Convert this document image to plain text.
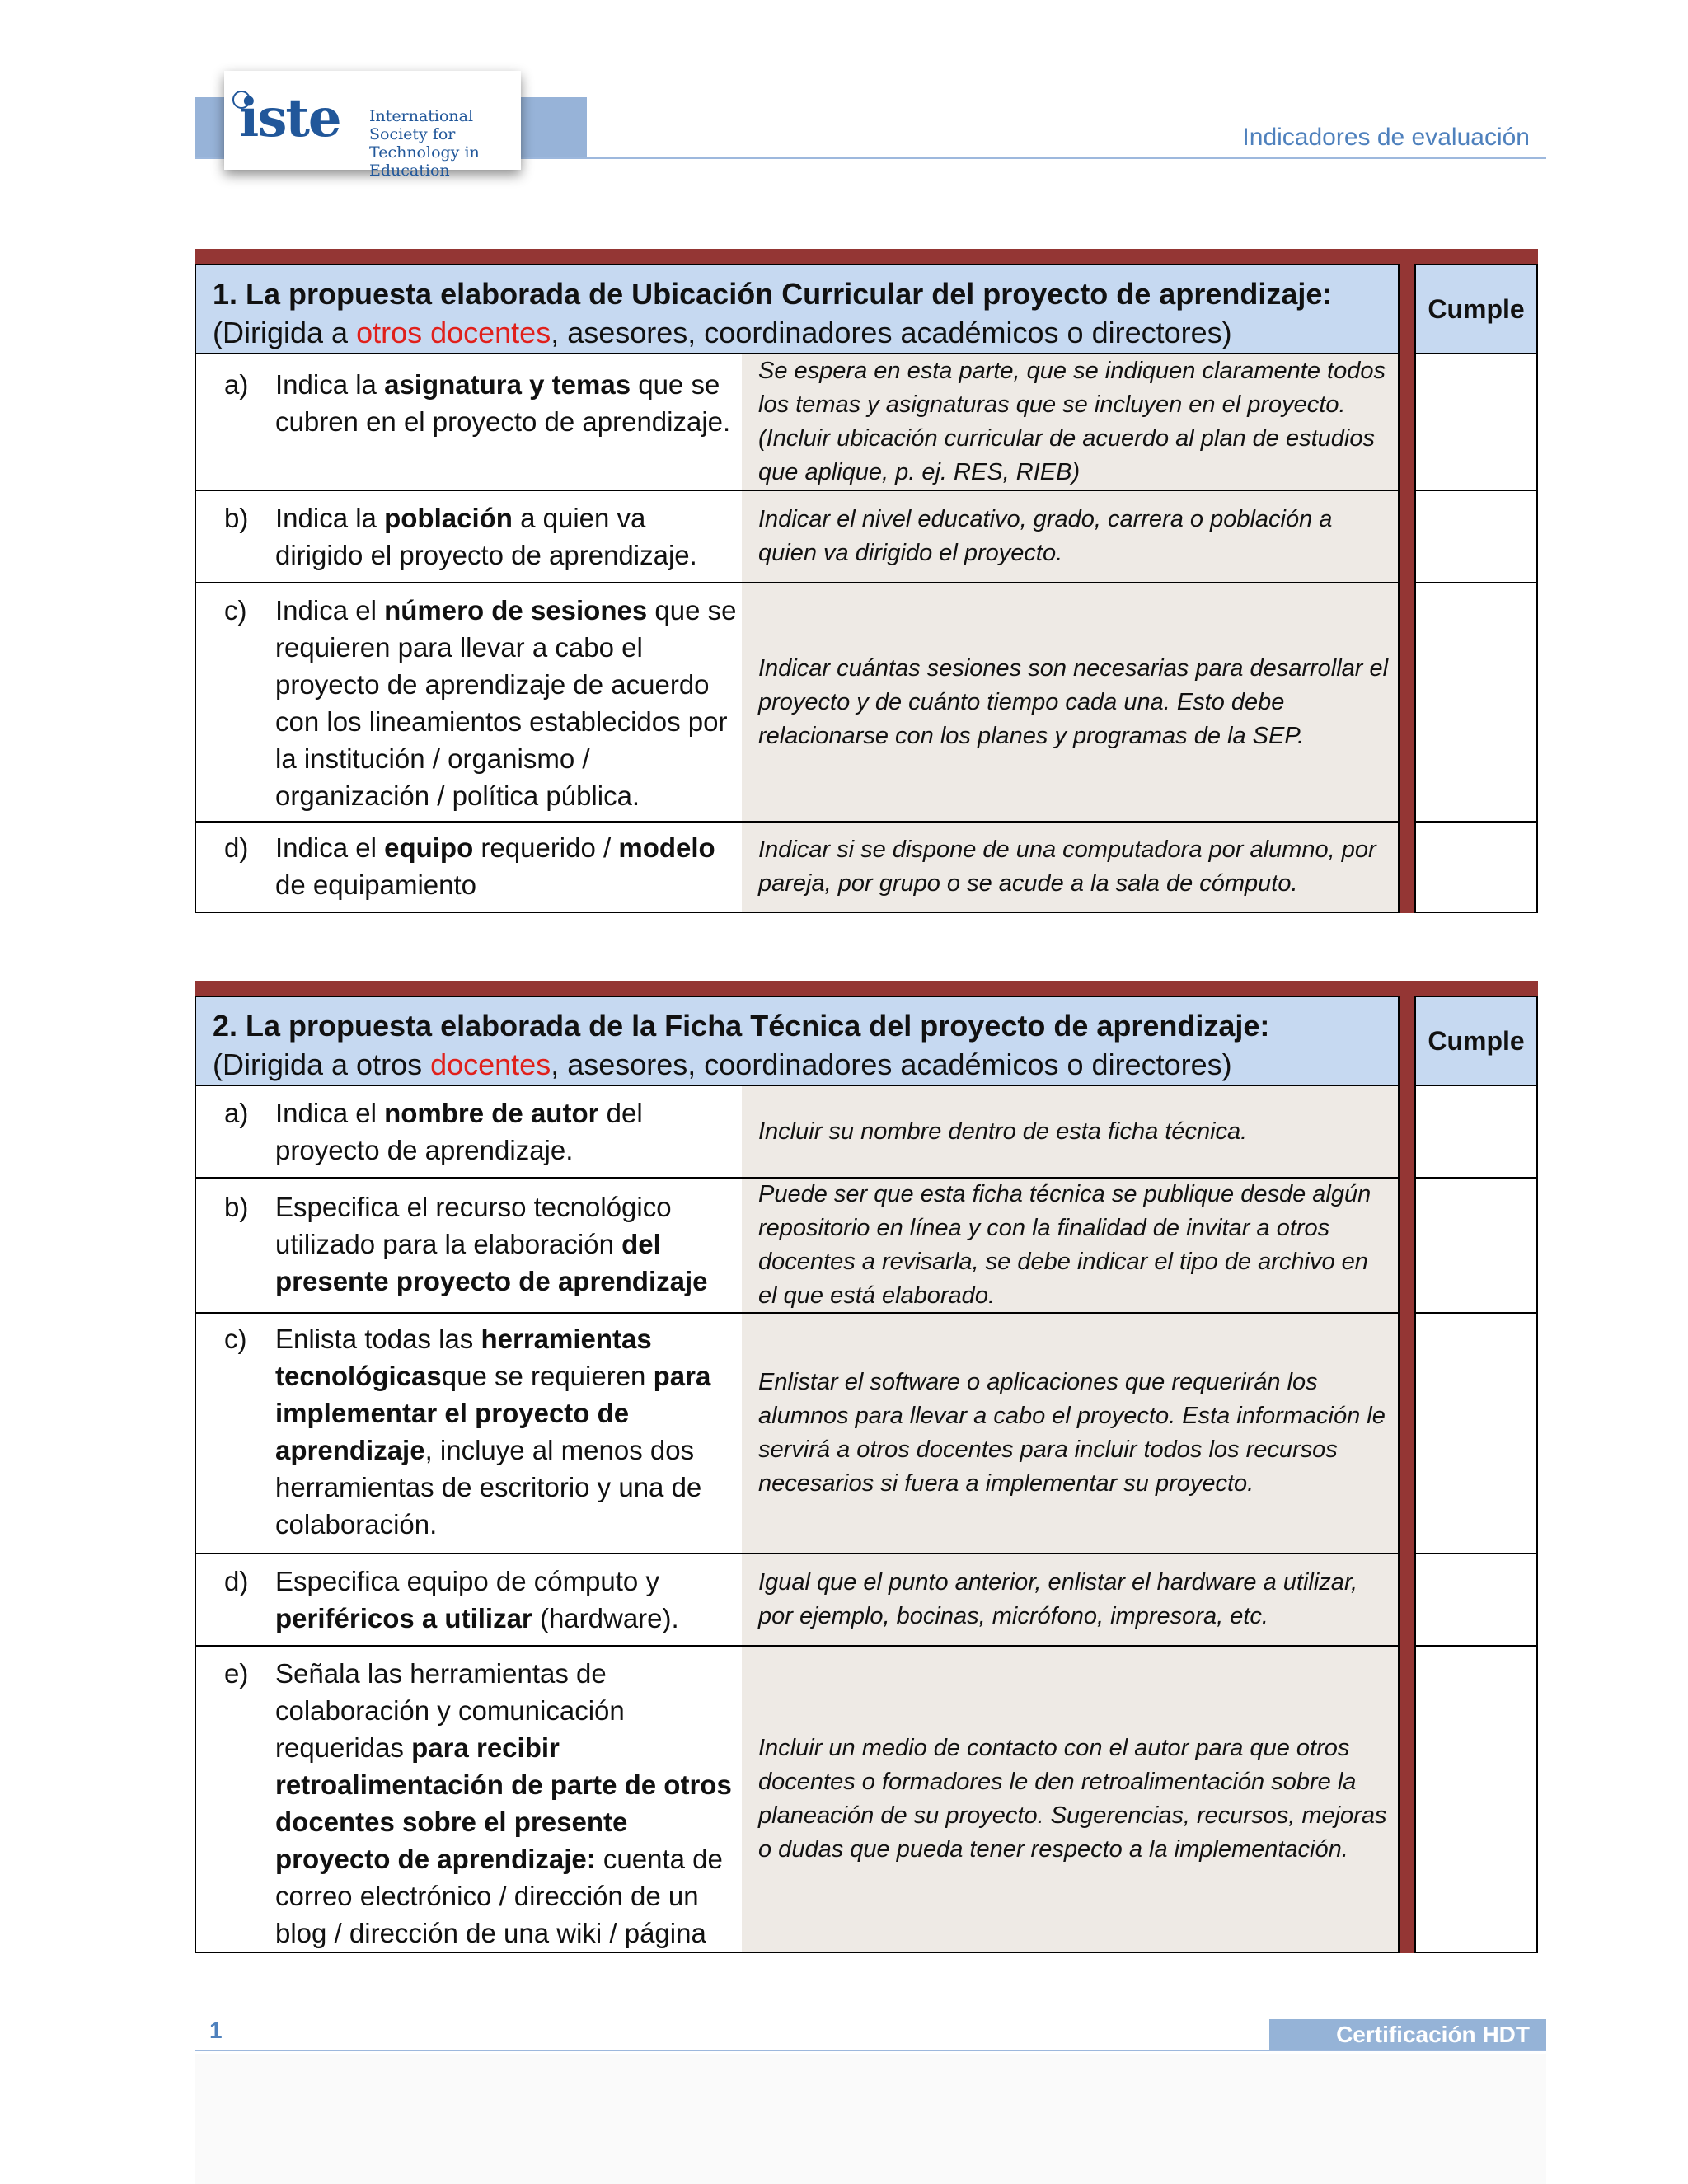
iste International Society for
Technology in Education
Indicadores de evaluación
1. La propuesta elaborada de Ubicación Curricular del proyecto de aprendizaje:
(Dirigida a otros docentes, asesores, coordinadores académicos o directores)
Cumple
a) Indica la asignatura y temas que se cubren en el proyecto de aprendizaje.
Se espera en esta parte, que se indiquen claramente todos los temas y asignaturas que se incluyen en el proyecto. (Incluir ubicación curricular de acuerdo al plan de estudios que aplique, p. ej. RES, RIEB)
b) Indica la población a quien va dirigido el proyecto de aprendizaje.
Indicar el nivel educativo, grado, carrera o población a quien va dirigido el proyecto.
c) Indica el número de sesiones que se requieren para llevar a cabo el proyecto de aprendizaje de acuerdo con los lineamientos establecidos por la institución / organismo / organización / política pública.
Indicar cuántas sesiones son necesarias para desarrollar el proyecto y de cuánto tiempo cada una. Esto debe relacionarse con los planes y programas de la SEP.
d) Indica el equipo requerido / modelo de equipamiento
Indicar si se dispone de una computadora por alumno, por pareja, por grupo o se acude a la sala de cómputo.
2. La propuesta elaborada de la Ficha Técnica del proyecto de aprendizaje:
(Dirigida a otros docentes, asesores, coordinadores académicos o directores)
Cumple
a) Indica el nombre de autor del proyecto de aprendizaje.
Incluir su nombre dentro de esta ficha técnica.
b) Especifica el recurso tecnológico utilizado para la elaboración del presente proyecto de aprendizaje
Puede ser que esta ficha técnica se publique desde algún repositorio en línea y con la finalidad de invitar a otros docentes a revisarla, se debe indicar el tipo de archivo en el que está elaborado.
c) Enlista todas las herramientas tecnológicasque se requieren para implementar el proyecto de aprendizaje, incluye al menos dos herramientas de escritorio y una de colaboración.
Enlistar el software o aplicaciones que requerirán los alumnos para llevar a cabo el proyecto. Esta información le servirá a otros docentes para incluir todos los recursos necesarios si fuera a implementar su proyecto.
d) Especifica equipo de cómputo y periféricos a utilizar (hardware).
Igual que el punto anterior, enlistar el hardware a utilizar, por ejemplo, bocinas, micrófono, impresora, etc.
e) Señala las herramientas de colaboración y comunicación requeridas para recibir retroalimentación de parte de otros docentes sobre el presente proyecto de aprendizaje: cuenta de correo electrónico / dirección de un blog / dirección de una wiki / página
Incluir un medio de contacto con el autor para que otros docentes o formadores le den retroalimentación sobre la planeación de su proyecto. Sugerencias, recursos, mejoras o dudas que pueda tener respecto a la implementación.
1	Certificación HDT
